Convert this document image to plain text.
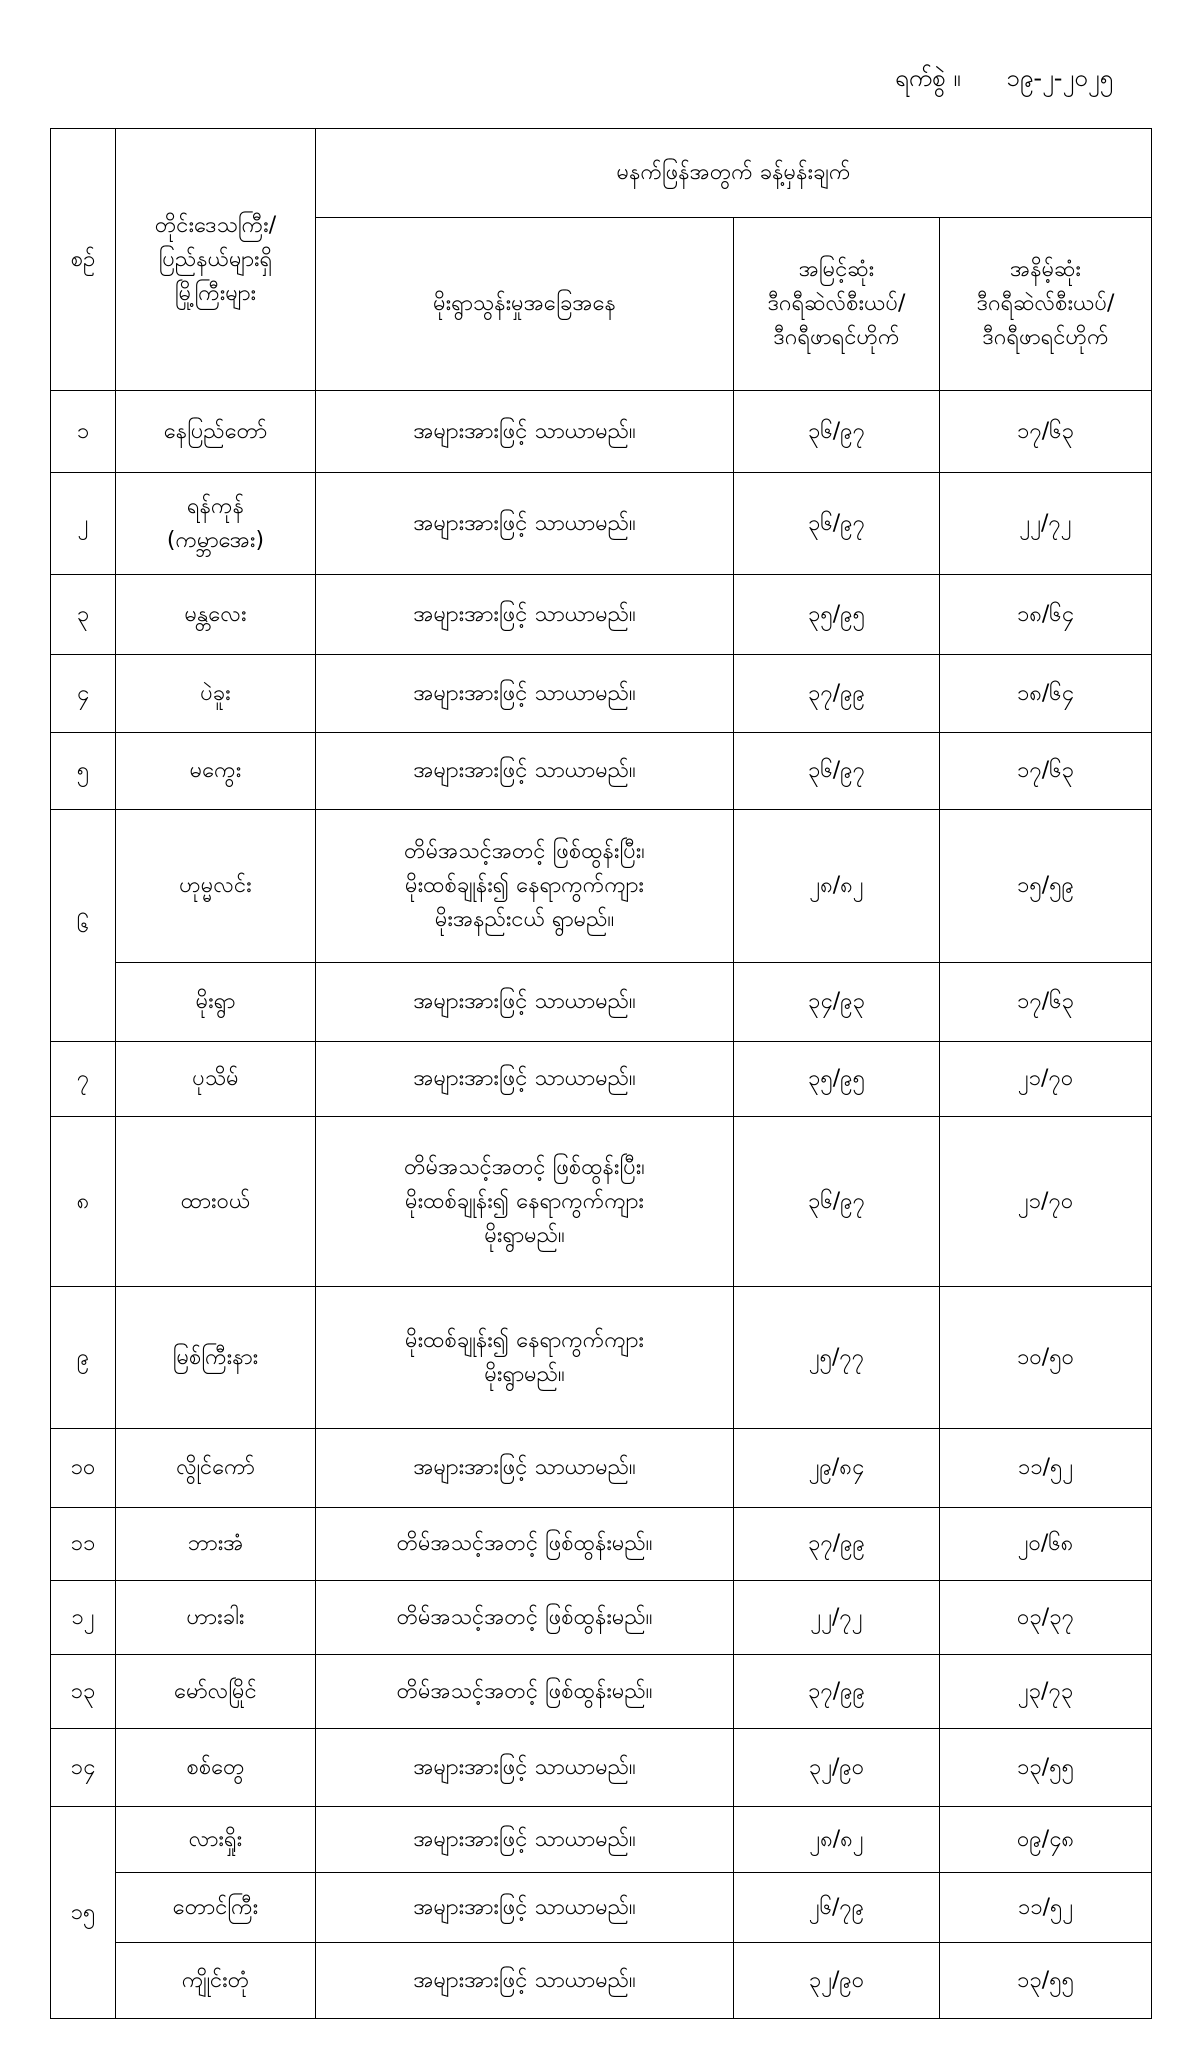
ရက်စွဲ ။ ၁၉-၂-၂၀၂၅
စဉ်	တိုင်းဒေသကြီး/
ပြည်နယ်များရှိ
မြို့ကြီးများ	မနက်ဖြန်အတွက် ခန့်မှန်းချက်		
		မိုးရွာသွန်းမှုအခြေအနေ	အမြင့်ဆုံး
ဒီဂရီဆဲလ်စီးယပ်/
ဒီဂရီဖာရင်ဟိုက်	အနိမ့်ဆုံး
ဒီဂရီဆဲလ်စီးယပ်/
ဒီဂရီဖာရင်ဟိုက်
၁	နေပြည်တော်	အများအားဖြင့် သာယာမည်။	၃၆/၉၇	၁၇/၆၃
၂	ရန်ကုန်
(ကမ္ဘာအေး)	အများအားဖြင့် သာယာမည်။	၃၆/၉၇	၂၂/၇၂
၃	မန္တလေး	အများအားဖြင့် သာယာမည်။	၃၅/၉၅	၁၈/၆၄
၄	ပဲခူး	အများအားဖြင့် သာယာမည်။	၃၇/၉၉	၁၈/၆၄
၅	မကွေး	အများအားဖြင့် သာယာမည်။	၃၆/၉၇	၁၇/၆၃
၆	ဟုမ္မလင်း	တိမ်အသင့်အတင့် ဖြစ်ထွန်းပြီး၊
မိုးထစ်ချုန်း၍ နေရာကွက်ကျား
မိုးအနည်းငယ် ရွာမည်။	၂၈/၈၂	၁၅/၅၉
	မိုးရွာ	အများအားဖြင့် သာယာမည်။	၃၄/၉၃	၁၇/၆၃
၇	ပုသိမ်	အများအားဖြင့် သာယာမည်။	၃၅/၉၅	၂၁/၇၀
၈	ထားဝယ်	တိမ်အသင့်အတင့် ဖြစ်ထွန်းပြီး၊
မိုးထစ်ချုန်း၍ နေရာကွက်ကျား
မိုးရွာမည်။	၃၆/၉၇	၂၁/၇၀
၉	မြစ်ကြီးနား	မိုးထစ်ချုန်း၍ နေရာကွက်ကျား
မိုးရွာမည်။	၂၅/၇၇	၁၀/၅၀
၁၀	လွိုင်ကော်	အများအားဖြင့် သာယာမည်။	၂၉/၈၄	၁၁/၅၂
၁၁	ဘားအံ	တိမ်အသင့်အတင့် ဖြစ်ထွန်းမည်။	၃၇/၉၉	၂၀/၆၈
၁၂	ဟားခါး	တိမ်အသင့်အတင့် ဖြစ်ထွန်းမည်။	၂၂/၇၂	၀၃/၃၇
၁၃	မော်လမြိုင်	တိမ်အသင့်အတင့် ဖြစ်ထွန်းမည်။	၃၇/၉၉	၂၃/၇၃
၁၄	စစ်တွေ	အများအားဖြင့် သာယာမည်။	၃၂/၉၀	၁၃/၅၅
၁၅	လားရှိုး	အများအားဖြင့် သာယာမည်။	၂၈/၈၂	၀၉/၄၈
	တောင်ကြီး	အများအားဖြင့် သာယာမည်။	၂၆/၇၉	၁၁/၅၂
	ကျိုင်းတုံ	အများအားဖြင့် သာယာမည်။	၃၂/၉၀	၁၃/၅၅
